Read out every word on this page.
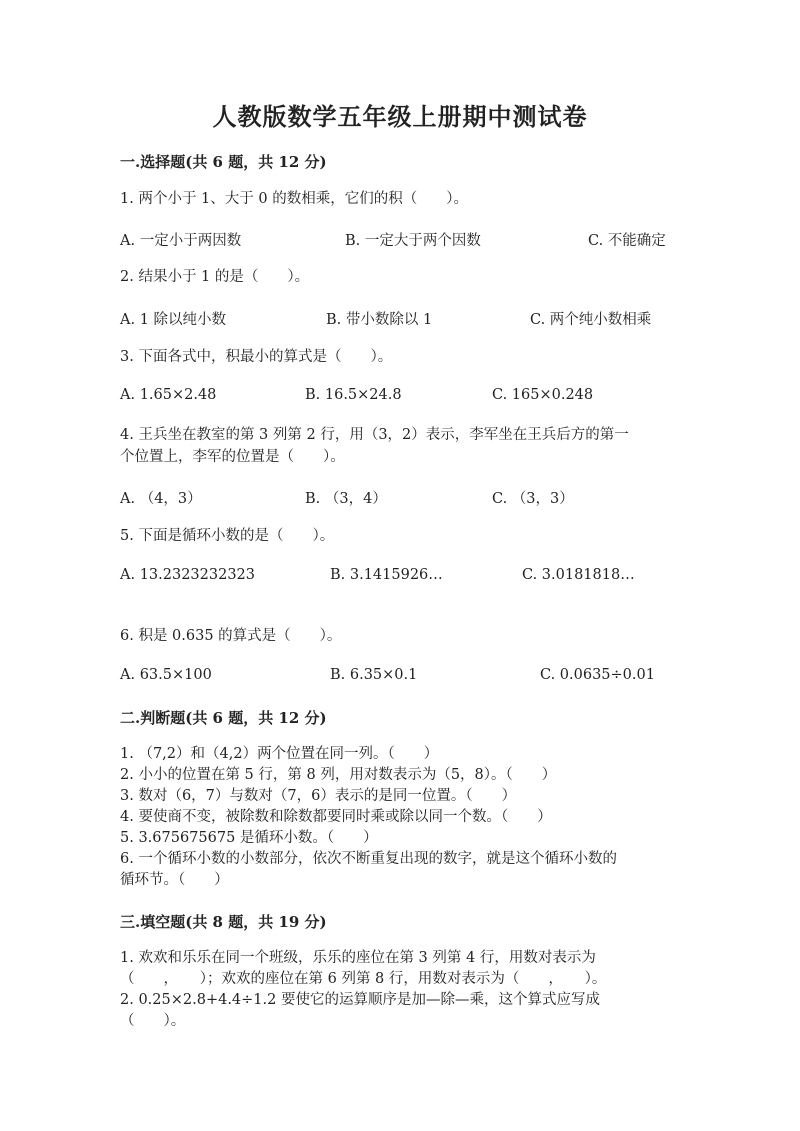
人教版数学五年级上册期中测试卷
一.选择题(共 6 题，共 12 分)
1. 两个小于 1、大于 0 的数相乘，它们的积（　　）。
A. 一定小于两因数	B. 一定大于两个因数	C. 不能确定
2. 结果小于 1 的是（　　）。
A. 1 除以纯小数	B. 带小数除以 1	C. 两个纯小数相乘
3. 下面各式中，积最小的算式是（　　）。
A. 1.65×2.48	B. 16.5×24.8	C. 165×0.248
4. 王兵坐在教室的第 3 列第 2 行，用（3，2）表示，李军坐在王兵后方的第一
个位置上，李军的位置是（　　）。
A. （4，3）	B. （3，4）	C. （3，3）
5. 下面是循环小数的是（　　）。
A. 13.2323232323	B. 3.1415926…	C. 3.0181818…
6. 积是 0.635 的算式是（　　）。
A. 63.5×100	B. 6.35×0.1	C. 0.0635÷0.01
二.判断题(共 6 题，共 12 分)
1. （7,2）和（4,2）两个位置在同一列。（　　）
2. 小小的位置在第 5 行，第 8 列，用对数表示为（5，8）。（　　）
3. 数对（6，7）与数对（7，6）表示的是同一位置。（　　）
4. 要使商不变，被除数和除数都要同时乘或除以同一个数。（　　）
5. 3.675675675 是循环小数。（　　）
6. 一个循环小数的小数部分，依次不断重复出现的数字，就是这个循环小数的
循环节。（　　）
三.填空题(共 8 题，共 19 分)
1. 欢欢和乐乐在同一个班级，乐乐的座位在第 3 列第 4 行，用数对表示为
（　　，　　）；欢欢的座位在第 6 列第 8 行，用数对表示为（　　，　　）。
2. 0.25×2.8+4.4÷1.2 要使它的运算顺序是加—除—乘，这个算式应写成
（　　）。
